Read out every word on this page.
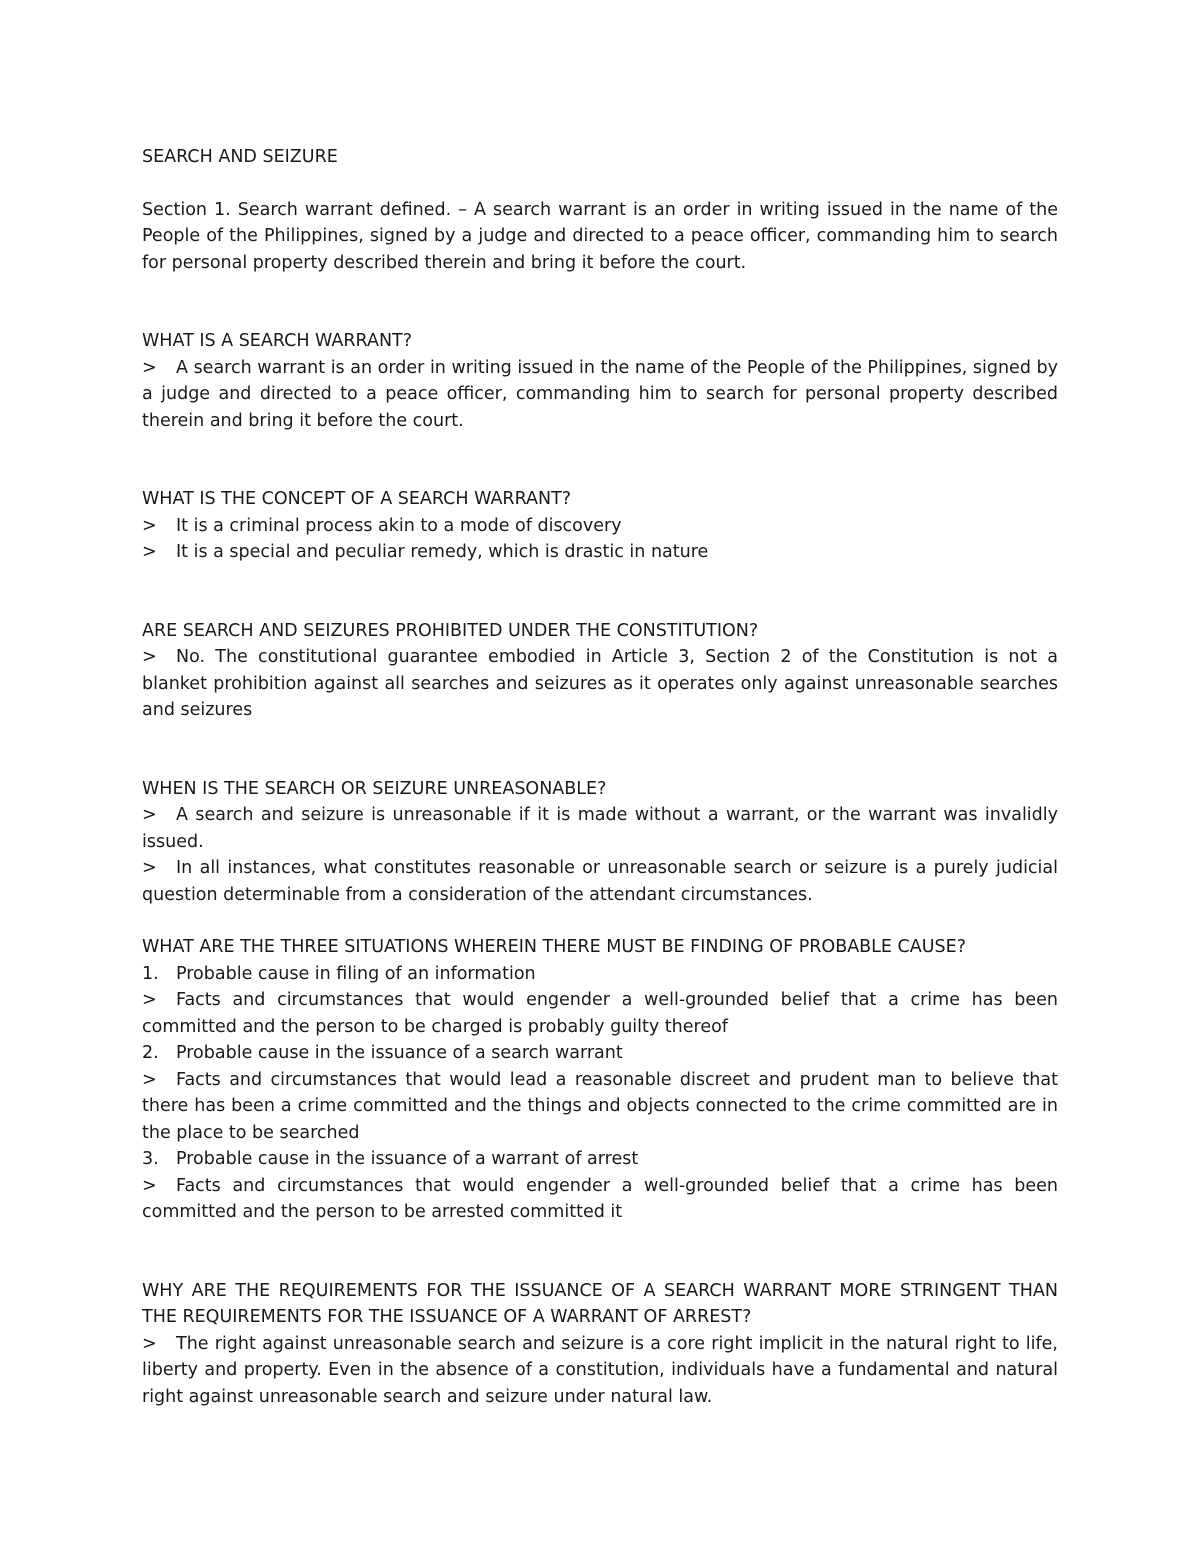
SEARCH AND SEIZURE

Section 1. Search warrant defined. – A search warrant is an order in writing issued in the name of the People of the Philippines, signed by a judge and directed to a peace officer, commanding him to search for personal property described therein and bring it before the court.

WHAT IS A SEARCH WARRANT?
> A search warrant is an order in writing issued in the name of the People of the Philippines, signed by a judge and directed to a peace officer, commanding him to search for personal property described therein and bring it before the court.
WHAT IS THE CONCEPT OF A SEARCH WARRANT?
>	It is a criminal process akin to a mode of discovery
>	It is a special and peculiar remedy, which is drastic in nature
ARE SEARCH AND SEIZURES PROHIBITED UNDER THE CONSTITUTION?
> No. The constitutional guarantee embodied in Article 3, Section 2 of the Constitution is not a blanket prohibition against all searches and seizures as it operates only against unreasonable searches and seizures
WHEN IS THE SEARCH OR SEIZURE UNREASONABLE?
> A search and seizure is unreasonable if it is made without a warrant, or the warrant was invalidly issued.
> In all instances, what constitutes reasonable or unreasonable search or seizure is a purely judicial question determinable from a consideration of the attendant circumstances.
WHAT ARE THE THREE SITUATIONS WHEREIN THERE MUST BE FINDING OF PROBABLE CAUSE?
1. Probable cause in filing of an information
> Facts and circumstances that would engender a well-grounded belief that a crime has been committed and the person to be charged is probably guilty thereof
2. Probable cause in the issuance of a search warrant
> Facts and circumstances that would lead a reasonable discreet and prudent man to believe that there has been a crime committed and the things and objects connected to the crime committed are in the place to be searched
3. Probable cause in the issuance of a warrant of arrest
> Facts and circumstances that would engender a well-grounded belief that a crime has been committed and the person to be arrested committed it
WHY ARE THE REQUIREMENTS FOR THE ISSUANCE OF A SEARCH WARRANT MORE STRINGENT THAN THE REQUIREMENTS FOR THE ISSUANCE OF A WARRANT OF ARREST?
> The right against unreasonable search and seizure is a core right implicit in the natural right to life, liberty and property. Even in the absence of a constitution, individuals have a fundamental and natural right against unreasonable search and seizure under natural law.
